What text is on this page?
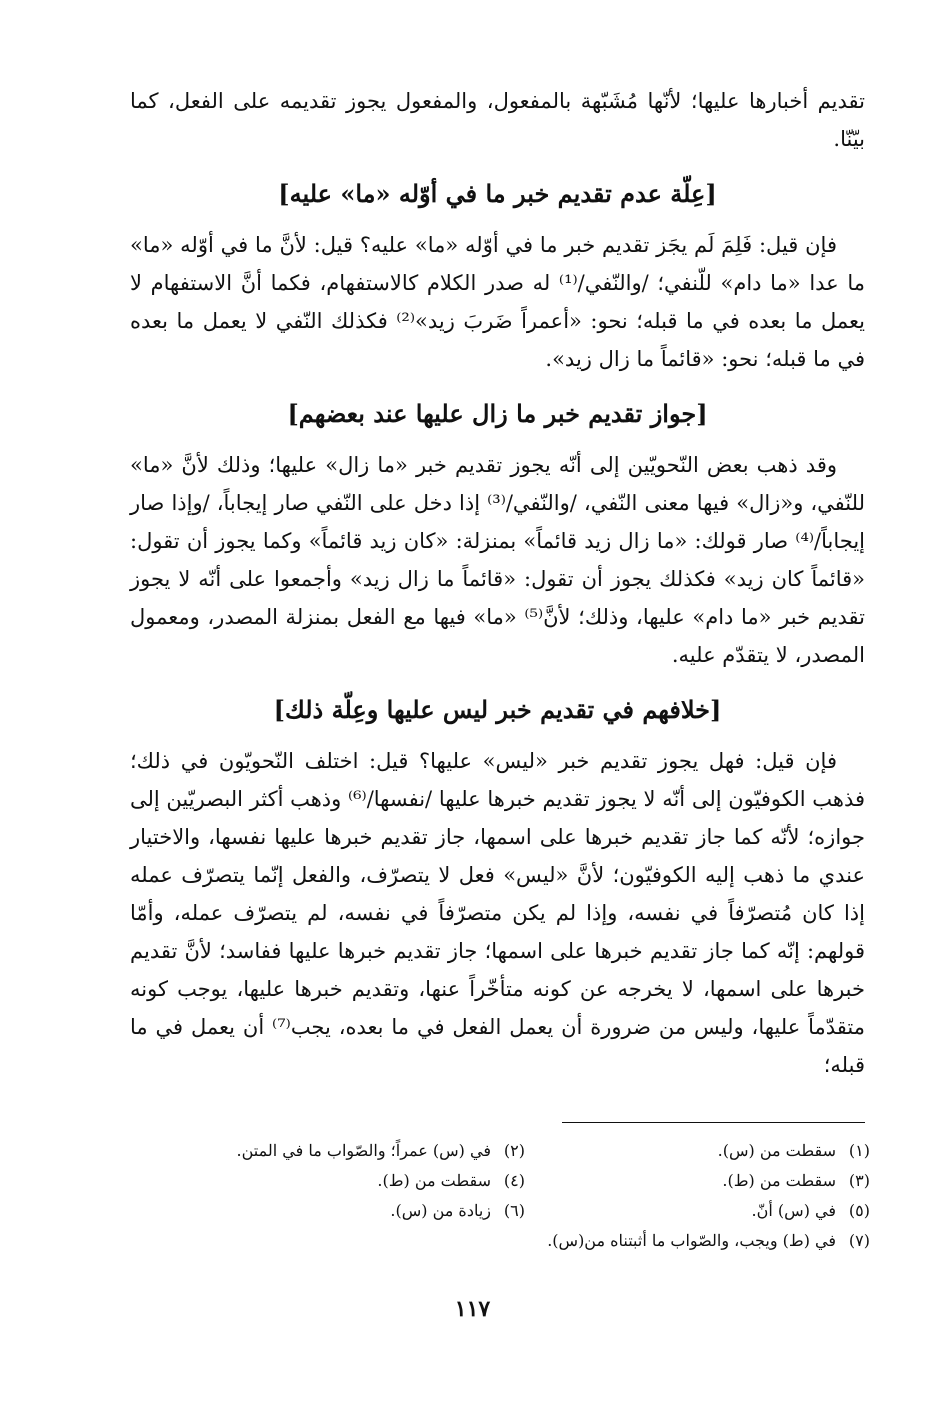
تقديم أخبارها عليها؛ لأنّها مُشَبّهة بالمفعول، والمفعول يجوز تقديمه على الفعل، كما بيّنّا.

[عِلّة عدم تقديم خبر ما في أوّله «ما» عليه]

فإن قيل: فَلِمَ لَم يجَز تقديم خبر ما في أوّله «ما» عليه؟ قيل: لأنَّ ما في أوّله «ما» ما عدا «ما دام» للّنفي؛ /والنّفي/⁽¹⁾ له صدر الكلام كالاستفهام، فكما أنَّ الاستفهام لا يعمل ما بعده في ما قبله؛ نحو: «أعمراً ضَربَ زيد»⁽²⁾ فكذلك النّفي لا يعمل ما بعده في ما قبله؛ نحو: «قائماً ما زال زيد».

[جواز تقديم خبر ما زال عليها عند بعضهم]

وقد ذهب بعض النّحويّين إلى أنّه يجوز تقديم خبر «ما زال» عليها؛ وذلك لأنَّ «ما» للنّفي، و«زال» فيها معنى النّفي، /والنّفي/⁽³⁾ إذا دخل على النّفي صار إيجاباً، /وإذا صار إيجاباً/⁽⁴⁾ صار قولك: «ما زال زيد قائماً» بمنزلة: «كان زيد قائماً» وكما يجوز أن تقول: «قائماً كان زيد» فكذلك يجوز أن تقول: «قائماً ما زال زيد» وأجمعوا على أنّه لا يجوز تقديم خبر «ما دام» عليها، وذلك؛ لأنَّ⁽⁵⁾ «ما» فيها مع الفعل بمنزلة المصدر، ومعمول المصدر، لا يتقدّم عليه.

[خلافهم في تقديم خبر ليس عليها وعِلّة ذلك]

فإن قيل: فهل يجوز تقديم خبر «ليس» عليها؟ قيل: اختلف النّحويّون في ذلك؛ فذهب الكوفيّون إلى أنّه لا يجوز تقديم خبرها عليها /نفسها/⁽⁶⁾ وذهب أكثر البصريّين إلى جوازه؛ لأنّه كما جاز تقديم خبرها على اسمها، جاز تقديم خبرها عليها نفسها، والاختيار عندي ما ذهب إليه الكوفيّون؛ لأنَّ «ليس» فعل لا يتصرّف، والفعل إنّما يتصرّف عمله إذا كان مُتصرّفاً في نفسه، وإذا لم يكن متصرّفاً في نفسه، لم يتصرّف عمله، وأمّا قولهم: إنّه كما جاز تقديم خبرها على اسمها؛ جاز تقديم خبرها عليها ففاسد؛ لأنَّ تقديم خبرها على اسمها، لا يخرجه عن كونه متأخّراً عنها، وتقديم خبرها عليها، يوجب كونه متقدّماً عليها، وليس من ضرورة أن يعمل الفعل في ما بعده، يجب⁽⁷⁾ أن يعمل في ما قبله؛

(١)سقطت من (س).
(٢)في (س) عمراً؛ والصّواب ما في المتن.
(٣)سقطت من (ط).
(٤)سقطت من (ط).
(٥)في (س) أنّ.
(٦)زيادة من (س).
(٧)في (ط) ويجب، والصّواب ما أثبتناه من(س).
١١٧
